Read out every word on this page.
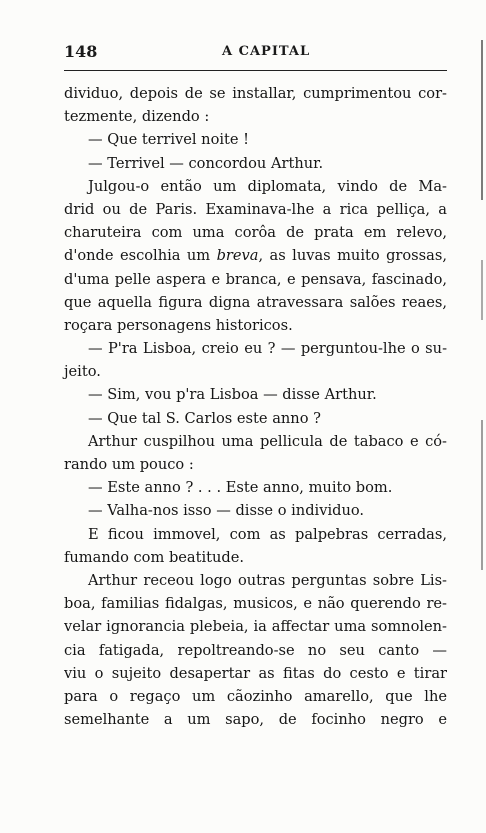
148	A CAPITAL
dividuo, depois de se installar, cumprimentou cor-
tezmente, dizendo :
— Que terrivel noite !
— Terrivel — concordou Arthur.
Julgou-o então um diplomata, vindo de Ma-
drid ou de Paris. Examinava-lhe a rica pelliça, a
charuteira com uma corôa de prata em relevo,
d'onde escolhia um breva, as luvas muito grossas,
d'uma pelle aspera e branca, e pensava, fascinado,
que aquella figura digna atravessara salões reaes,
roçara personagens historicos.
— P'ra Lisboa, creio eu ? — perguntou-lhe o su-
jeito.
— Sim, vou p'ra Lisboa — disse Arthur.
— Que tal S. Carlos este anno ?
Arthur cuspilhou uma pellicula de tabaco e có-
rando um pouco :
— Este anno ? . . . Este anno, muito bom.
— Valha-nos isso — disse o individuo.
E ficou immovel, com as palpebras cerradas,
fumando com beatitude.
Arthur receou logo outras perguntas sobre Lis-
boa, familias fidalgas, musicos, e não querendo re-
velar ignorancia plebeia, ia affectar uma somnolen-
cia fatigada, repoltreando-se no seu canto —
viu o sujeito desapertar as fitas do cesto e tirar
para o regaço um cãozinho amarello, que lhe
semelhante a um sapo, de focinho negro e
